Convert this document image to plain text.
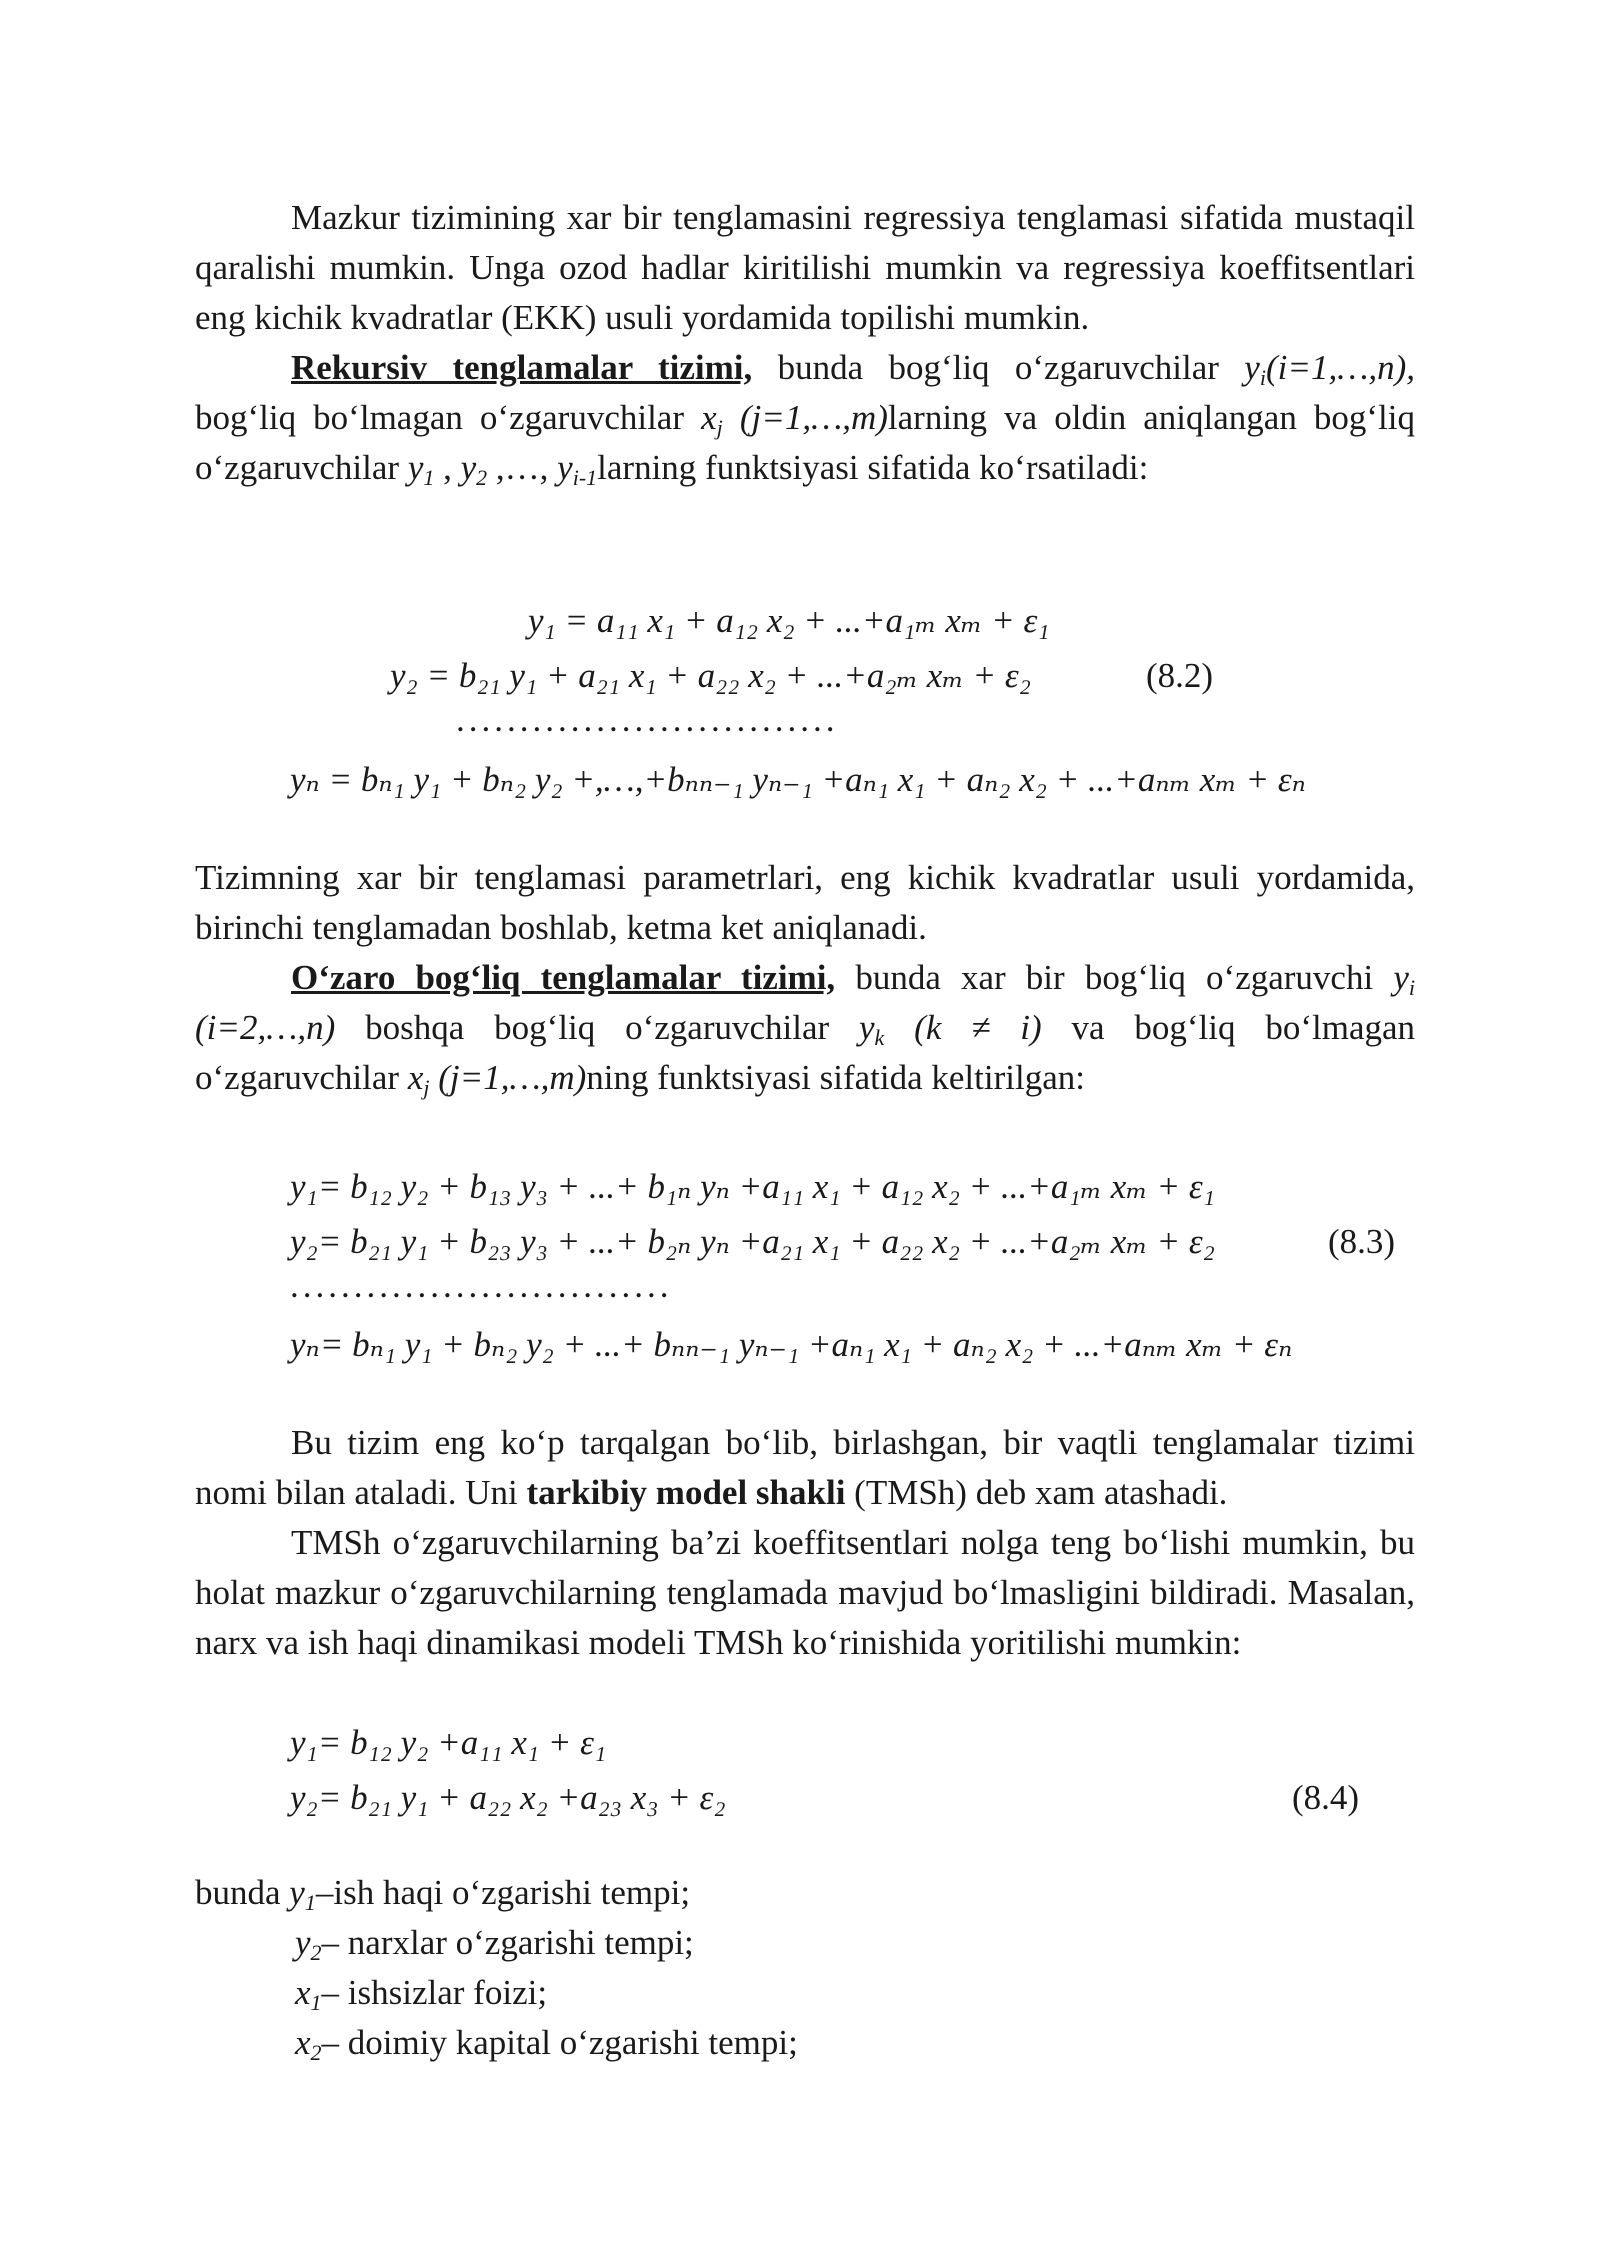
Mazkur tizimining xar bir tenglamasini regressiya tenglamasi sifatida mustaqil qaralishi mumkin. Unga ozod hadlar kiritilishi mumkin va regressiya koeffitsentlari eng kichik kvadratlar (EKK) usuli yordamida topilishi mumkin.
Rekursiv tenglamalar tizimi, bunda bog‘liq o‘zgaruvchilar $y_i(i=1,\dots,n)$, bog‘liq bo‘lmagan o‘zgaruvchilar $x_j$ (j=1,…,m)larning va oldin aniqlangan bog‘liq o‘zgaruvchilar $y_1$ , $y_2$ ,…, $y_{i-1}larning$ funktsiyasi sifatida ko‘rsatiladi:
y₁ = a₁₁ x₁ + a₁₂ x₂ + ...+a₁ₘ xₘ + ε₁
y₂ = b₂₁ y₁ + a₂₁ x₁ + a₂₂ x₂ + ...+a₂ₘ xₘ + ε₂	(8.2)
..............................
yₙ = bₙ₁ y₁ + bₙ₂ y₂ +,…,+bₙₙ₋₁ yₙ₋₁ +aₙ₁ x₁ + aₙ₂ x₂ + ...+aₙₘ xₘ + εₙ
Tizimning xar bir tenglamasi parametrlari, eng kichik kvadratlar usuli yordamida, birinchi tenglamadan boshlab, ketma ket aniqlanadi.
O‘zaro bog‘liq tenglamalar tizimi, bunda xar bir bog‘liq o‘zgaruvchi $y_i$ (i=2,…,n) boshqa bog‘liq o‘zgaruvchilar $y_k$ (k ≠ i) va bog‘liq bo‘lmagan o‘zgaruvchilar $x_j$ (j=1,…,m)ning funktsiyasi sifatida keltirilgan:
y₁= b₁₂ y₂ + b₁₃ y₃ + ...+ b₁ₙ yₙ +a₁₁ x₁ + a₁₂ x₂ + ...+a₁ₘ xₘ + ε₁
y₂= b₂₁ y₁ + b₂₃ y₃ + ...+ b₂ₙ yₙ +a₂₁ x₁ + a₂₂ x₂ + ...+a₂ₘ xₘ + ε₂	(8.3)
..............................
yₙ= bₙ₁ y₁ + bₙ₂ y₂ + ...+ bₙₙ₋₁ yₙ₋₁ +aₙ₁ x₁ + aₙ₂ x₂ + ...+aₙₘ xₘ + εₙ
Bu tizim eng ko‘p tarqalgan bo‘lib, birlashgan, bir vaqtli tenglamalar tizimi nomi bilan ataladi. Uni tarkibiy model shakli (TMSh) deb xam atashadi.
TMSh o‘zgaruvchilarning ba’zi koeffitsentlari nolga teng bo‘lishi mumkin, bu holat mazkur o‘zgaruvchilarning tenglamada mavjud bo‘lmasligini bildiradi. Masalan, narx va ish haqi dinamikasi modeli TMSh ko‘rinishida yoritilishi mumkin:
y₁= b₁₂ y₂ +a₁₁ x₁ + ε₁
y₂= b₂₁ y₁ + a₂₂ x₂ +a₂₃ x₃ + ε₂	(8.4)
bunda $y_1$–ish haqi o‘zgarishi tempi;
$y_2-$ narxlar o‘zgarishi tempi;
$x_1-$ ishsizlar foizi;
$x_2-$ doimiy kapital o‘zgarishi tempi;
